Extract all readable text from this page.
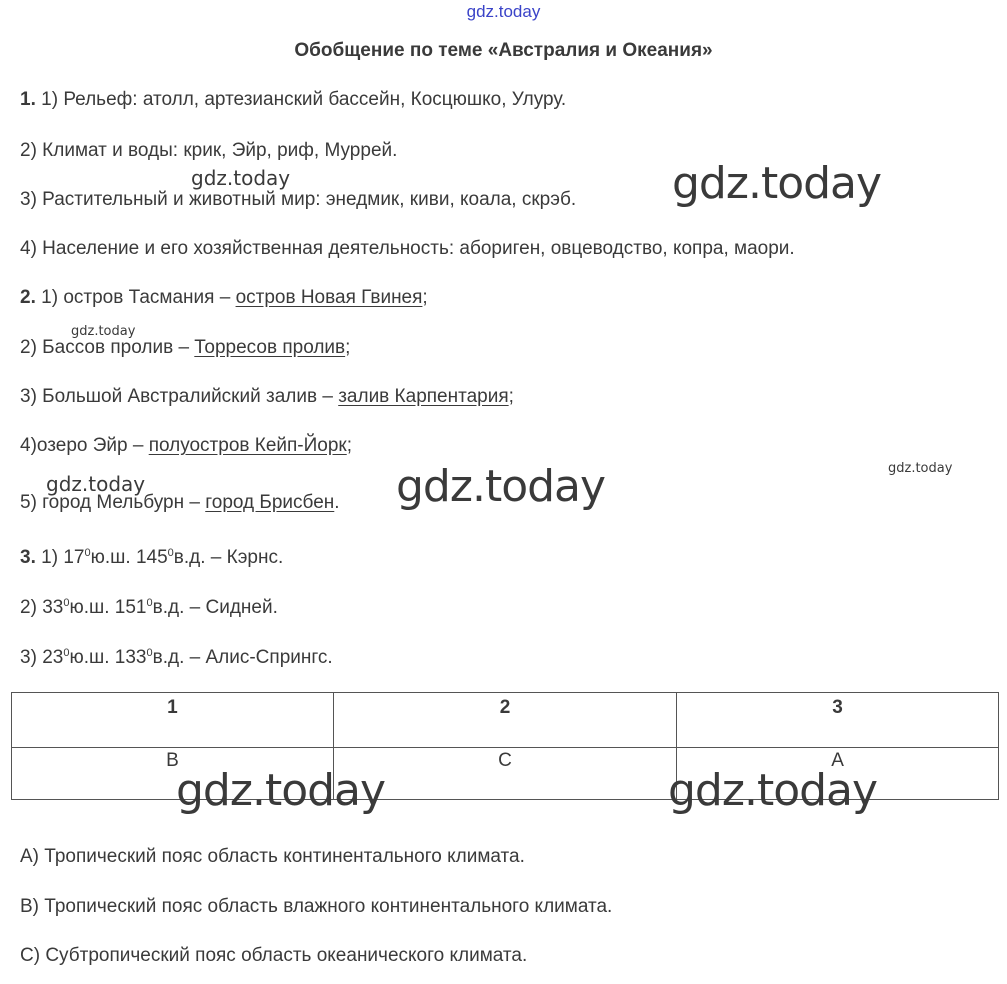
gdz.today
Обобщение по теме «Австралия и Океания»
1. 1) Рельеф: атолл, артезианский бассейн, Косцюшко, Улуру.
2) Климат и воды: крик, Эйр, риф, Муррей.
3) Растительный и животный мир: энедмик, киви, коала, скрэб.
4) Население и его хозяйственная деятельность: абориген, овцеводство, копра, маори.
2. 1) остров Тасмания – остров Новая Гвинея;
2) Бассов пролив – Торресов пролив;
3) Большой Австралийский залив – залив Карпентария;
4)озеро Эйр – полуостров Кейп-Йорк;
5) город Мельбурн – город Брисбен.
3. 1) $17^0ю.ш$. $145^0в.д$. – Кэрнс.
2) $33^0ю.ш$. $151^0в.д$. – Сидней.
3) $23^0ю.ш$. $133^0в.д$. – Алис-Спрингс.
1	2	3
B	C	A
А) Тропический пояс область континентального климата.
В) Тропический пояс область влажного континентального климата.
С) Субтропический пояс область океанического климата.
gdz.today	gdz.today
gdz.today
gdz.today
gdz.today	gdz.today
gdz.today	gdz.today
